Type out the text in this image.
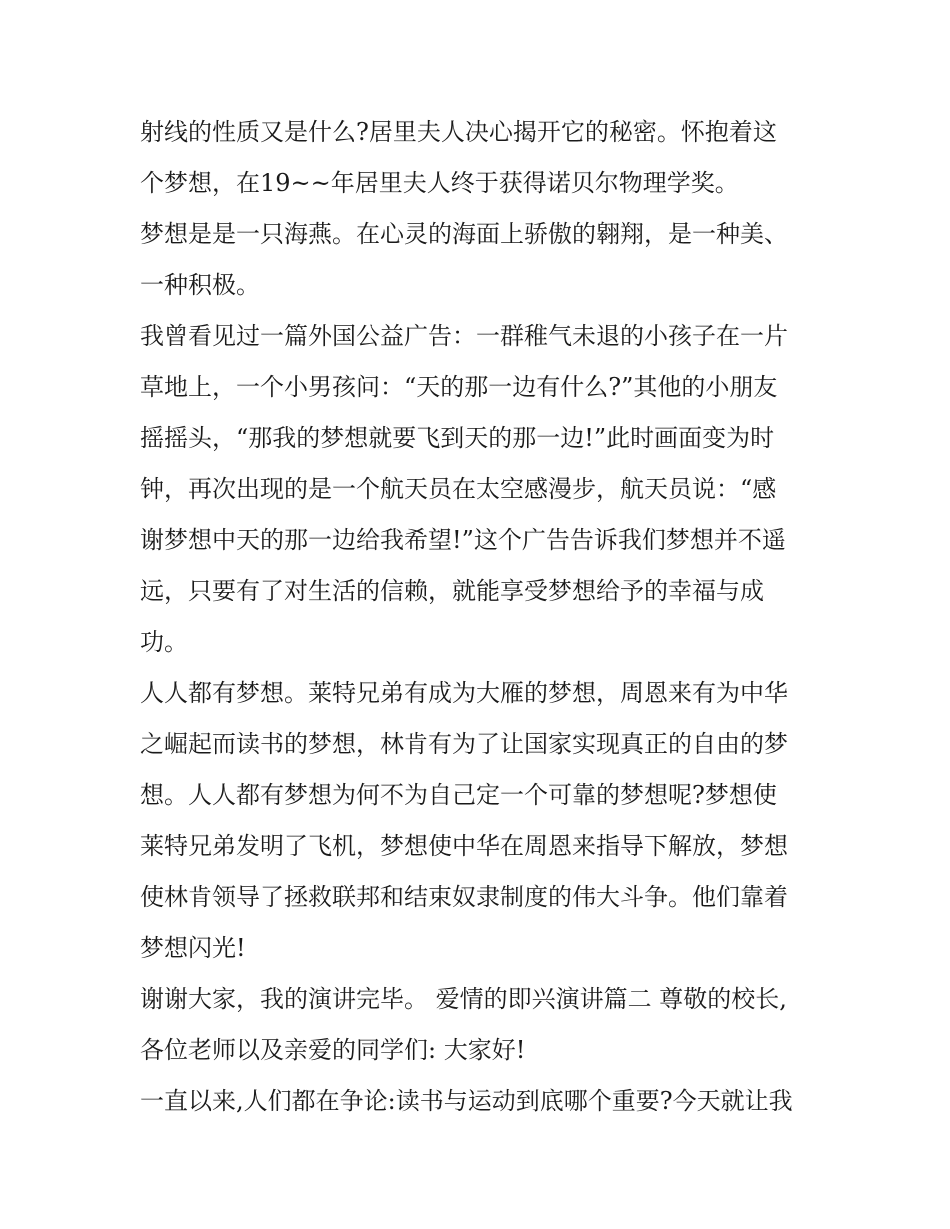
射线的性质又是什么?居里夫人决心揭开它的秘密。怀抱着这

个梦想，在19~~年居里夫人终于获得诺贝尔物理学奖。

梦想是是一只海燕。在心灵的海面上骄傲的翱翔，是一种美、

一种积极。

我曾看见过一篇外国公益广告：一群稚气未退的小孩子在一片

草地上，一个小男孩问：“天的那一边有什么?”其他的小朋友

摇摇头，“那我的梦想就要飞到天的那一边!”此时画面变为时

钟，再次出现的是一个航天员在太空感漫步，航天员说：“感

谢梦想中天的那一边给我希望!”这个广告告诉我们梦想并不遥

远，只要有了对生活的信赖，就能享受梦想给予的幸福与成

功。

人人都有梦想。莱特兄弟有成为大雁的梦想，周恩来有为中华

之崛起而读书的梦想，林肯有为了让国家实现真正的自由的梦

想。人人都有梦想为何不为自己定一个可靠的梦想呢?梦想使

莱特兄弟发明了飞机，梦想使中华在周恩来指导下解放，梦想

使林肯领导了拯救联邦和结束奴隶制度的伟大斗争。他们靠着

梦想闪光!

谢谢大家，我的演讲完毕。 爱情的即兴演讲篇二 尊敬的校长,

各位老师以及亲爱的同学们: 大家好!

一直以来,人们都在争论:读书与运动到底哪个重要?今天就让我
